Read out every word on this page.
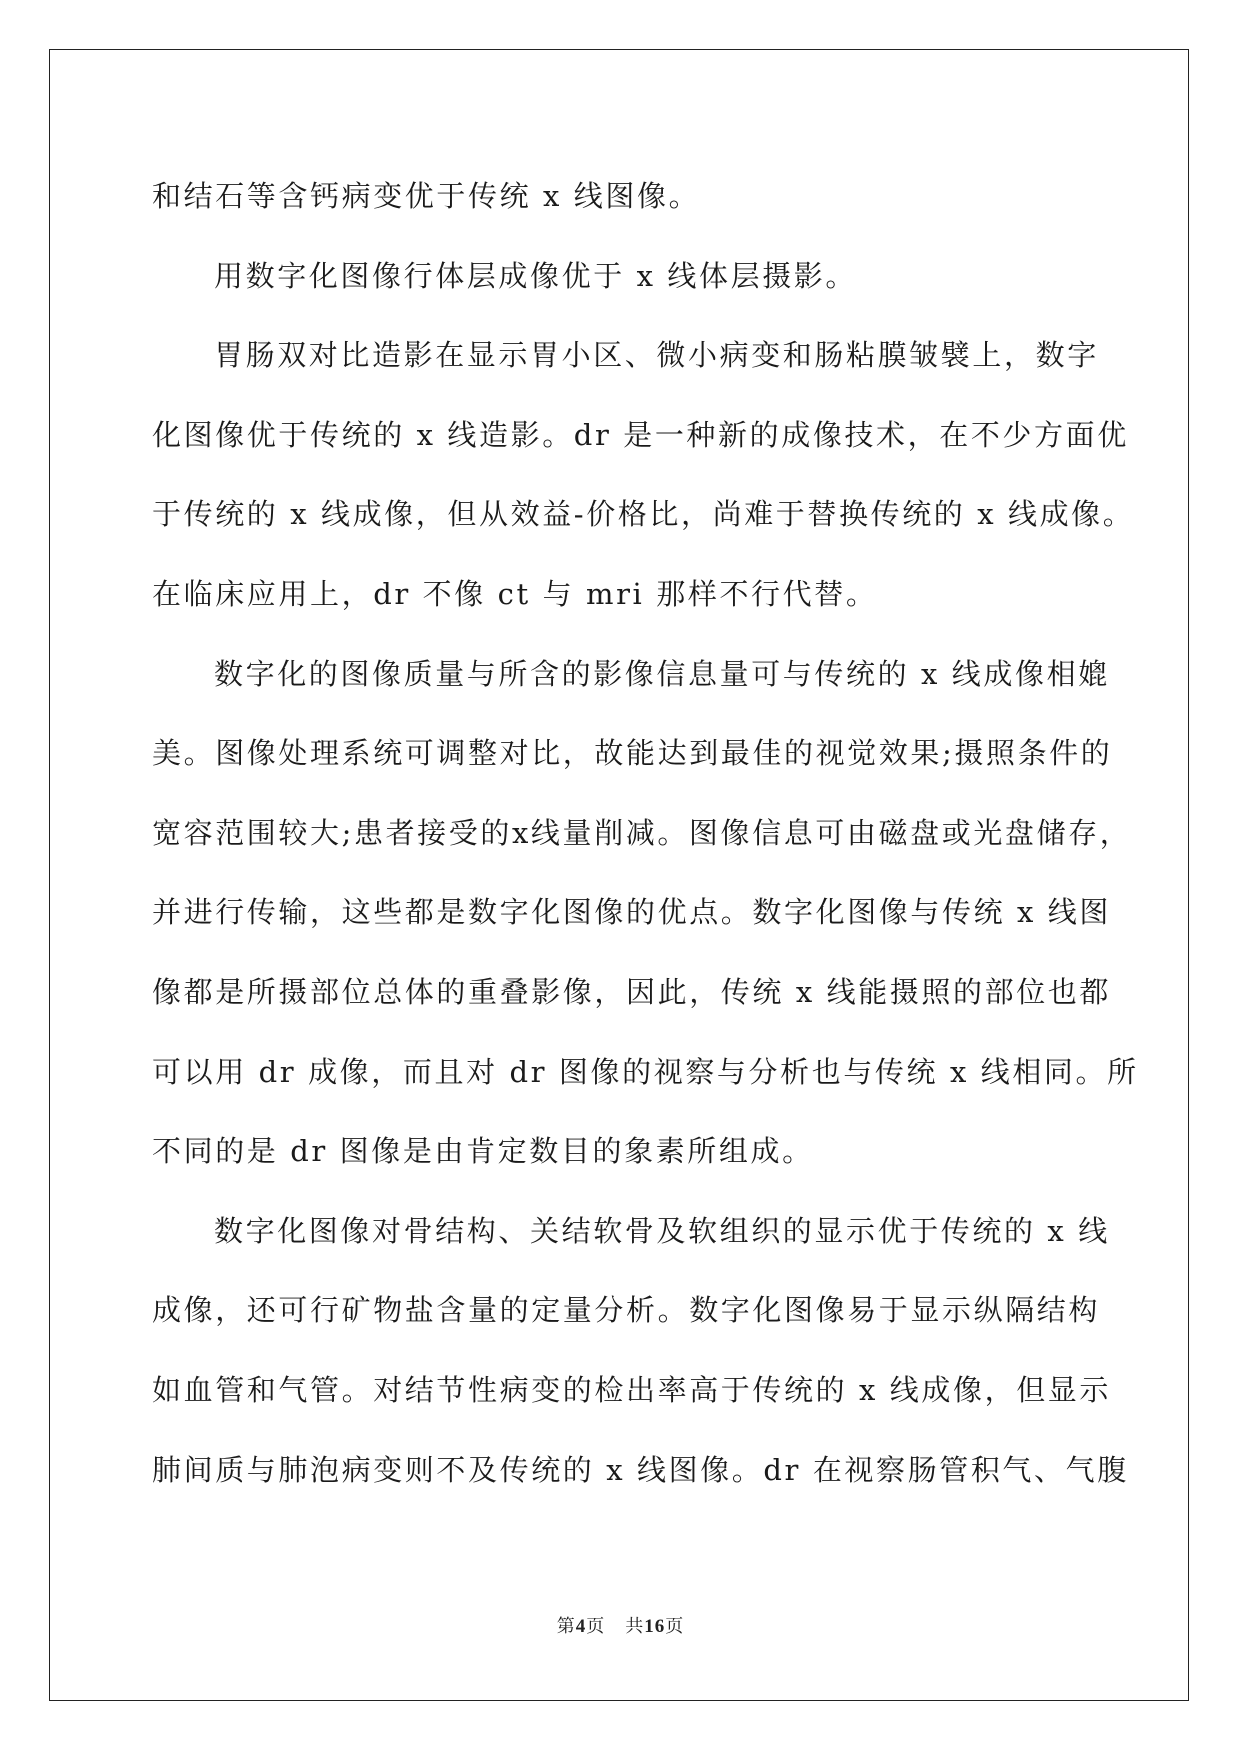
和结石等含钙病变优于传统 x 线图像。
用数字化图像行体层成像优于 x 线体层摄影。
胃肠双对比造影在显示胃小区、微小病变和肠粘膜皱襞上，数字
化图像优于传统的 x 线造影。dr 是一种新的成像技术，在不少方面优
于传统的 x 线成像，但从效益-价格比，尚难于替换传统的 x 线成像。
在临床应用上，dr 不像 ct 与 mri 那样不行代替。
数字化的图像质量与所含的影像信息量可与传统的 x 线成像相媲
美。图像处理系统可调整对比，故能达到最佳的视觉效果;摄照条件的
宽容范围较大;患者接受的x线量削减。图像信息可由磁盘或光盘储存，
并进行传输，这些都是数字化图像的优点。数字化图像与传统 x 线图
像都是所摄部位总体的重叠影像，因此，传统 x 线能摄照的部位也都
可以用 dr 成像，而且对 dr 图像的视察与分析也与传统 x 线相同。所
不同的是 dr 图像是由肯定数目的象素所组成。
数字化图像对骨结构、关结软骨及软组织的显示优于传统的 x 线
成像，还可行矿物盐含量的定量分析。数字化图像易于显示纵隔结构
如血管和气管。对结节性病变的检出率高于传统的 x 线成像，但显示
肺间质与肺泡病变则不及传统的 x 线图像。dr 在视察肠管积气、气腹
第4页 共16页
